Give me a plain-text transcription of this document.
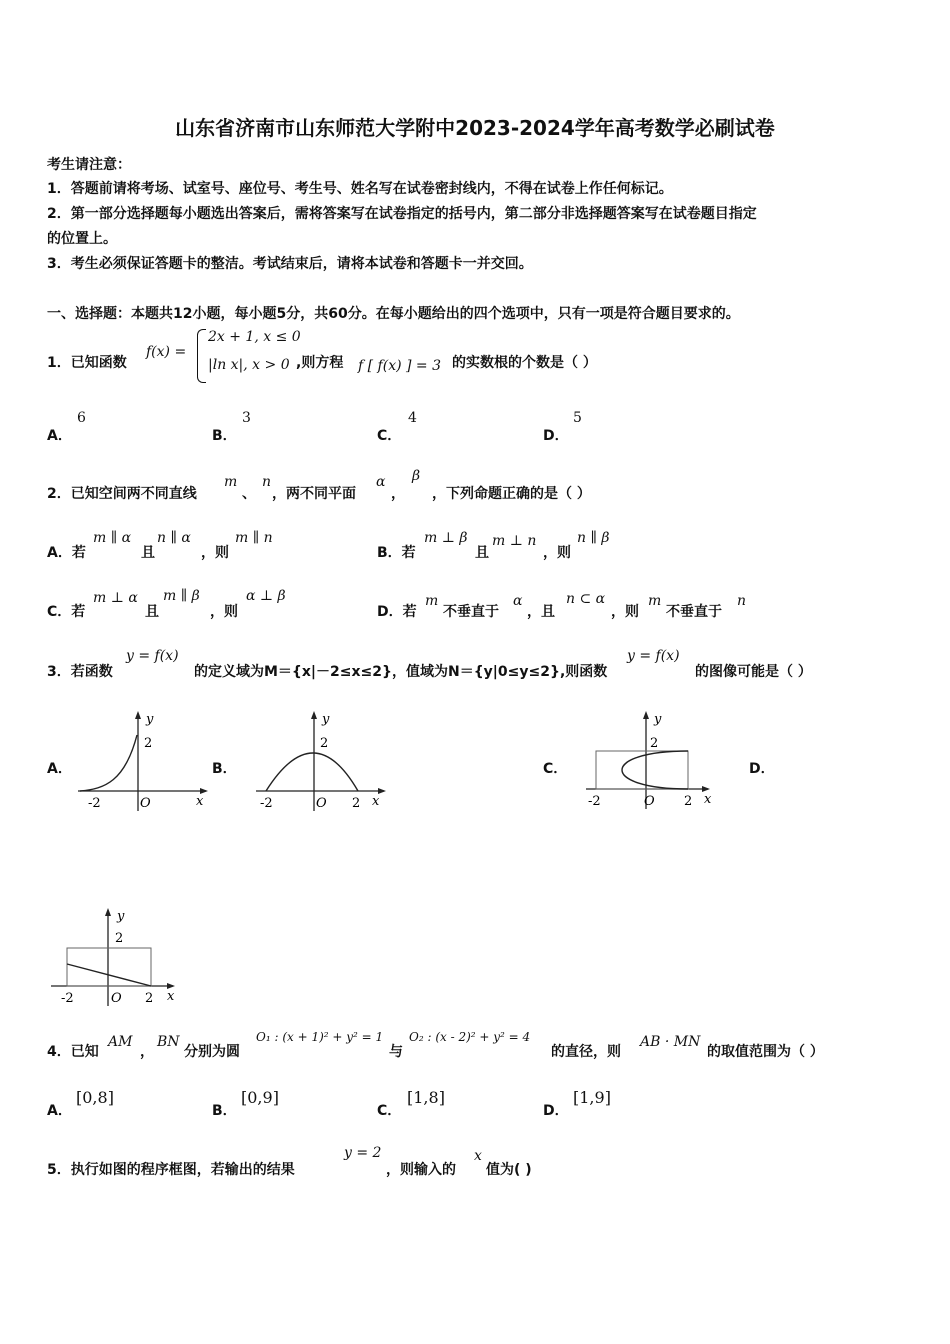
山东省济南市山东师范大学附中2023-2024学年高考数学必刷试卷
考生请注意：
1．答题前请将考场、试室号、座位号、考生号、姓名写在试卷密封线内，不得在试卷上作任何标记。
2．第一部分选择题每小题选出答案后，需将答案写在试卷指定的括号内，第二部分非选择题答案写在试卷题目指定
的位置上。
3．考生必须保证答题卡的整洁。考试结束后，请将本试卷和答题卡一并交回。
一、选择题：本题共12小题，每小题5分，共60分。在每小题给出的四个选项中，只有一项是符合题目要求的。
1．已知函数
f(x) =
2x + 1, x ≤ 0
|ln x|, x > 0 ,则方程 f [ f(x) ] = 3 的实数根的个数是（ ）
A．
6
B．
3
C．
4
D．
5
2．已知空间两不同直线
m
、
n
，两不同平面
α
，
β
，下列命题正确的是（ ）
A．若
m ∥ α
且
n ∥ α
，则
m ∥ n
B．若
m ⊥ β
且
m ⊥ n
，则
n ∥ β
C．若
m ⊥ α
且
m ∥ β
，则
α ⊥ β
D．若
m
不垂直于
α
，且
n ⊂ α
，则
m
不垂直于
n
3．若函数
y = f(x)
的定义域为M＝{x|－2≤x≤2}，值域为N＝{y|0≤y≤2},则函数
y = f(x)
的图像可能是（ ）
A．	B．	C．	D．
y
2
-2	O	x
y
2
-2	O 2 x
y
2
-2	O 2 x
y
2
-2	O 2 x
4．已知
AM
，
BN
分别为圆
O₁ : (x + 1)² + y² = 1
与
O₂ : (x - 2)² + y² = 4
的直径，则
AB · MN
的取值范围为（ ）
A．
[0,8]
B．
[0,9]
C．
[1,8]
D．
[1,9]
5．执行如图的程序框图，若输出的结果
y = 2
，则输入的
x
值为( )
